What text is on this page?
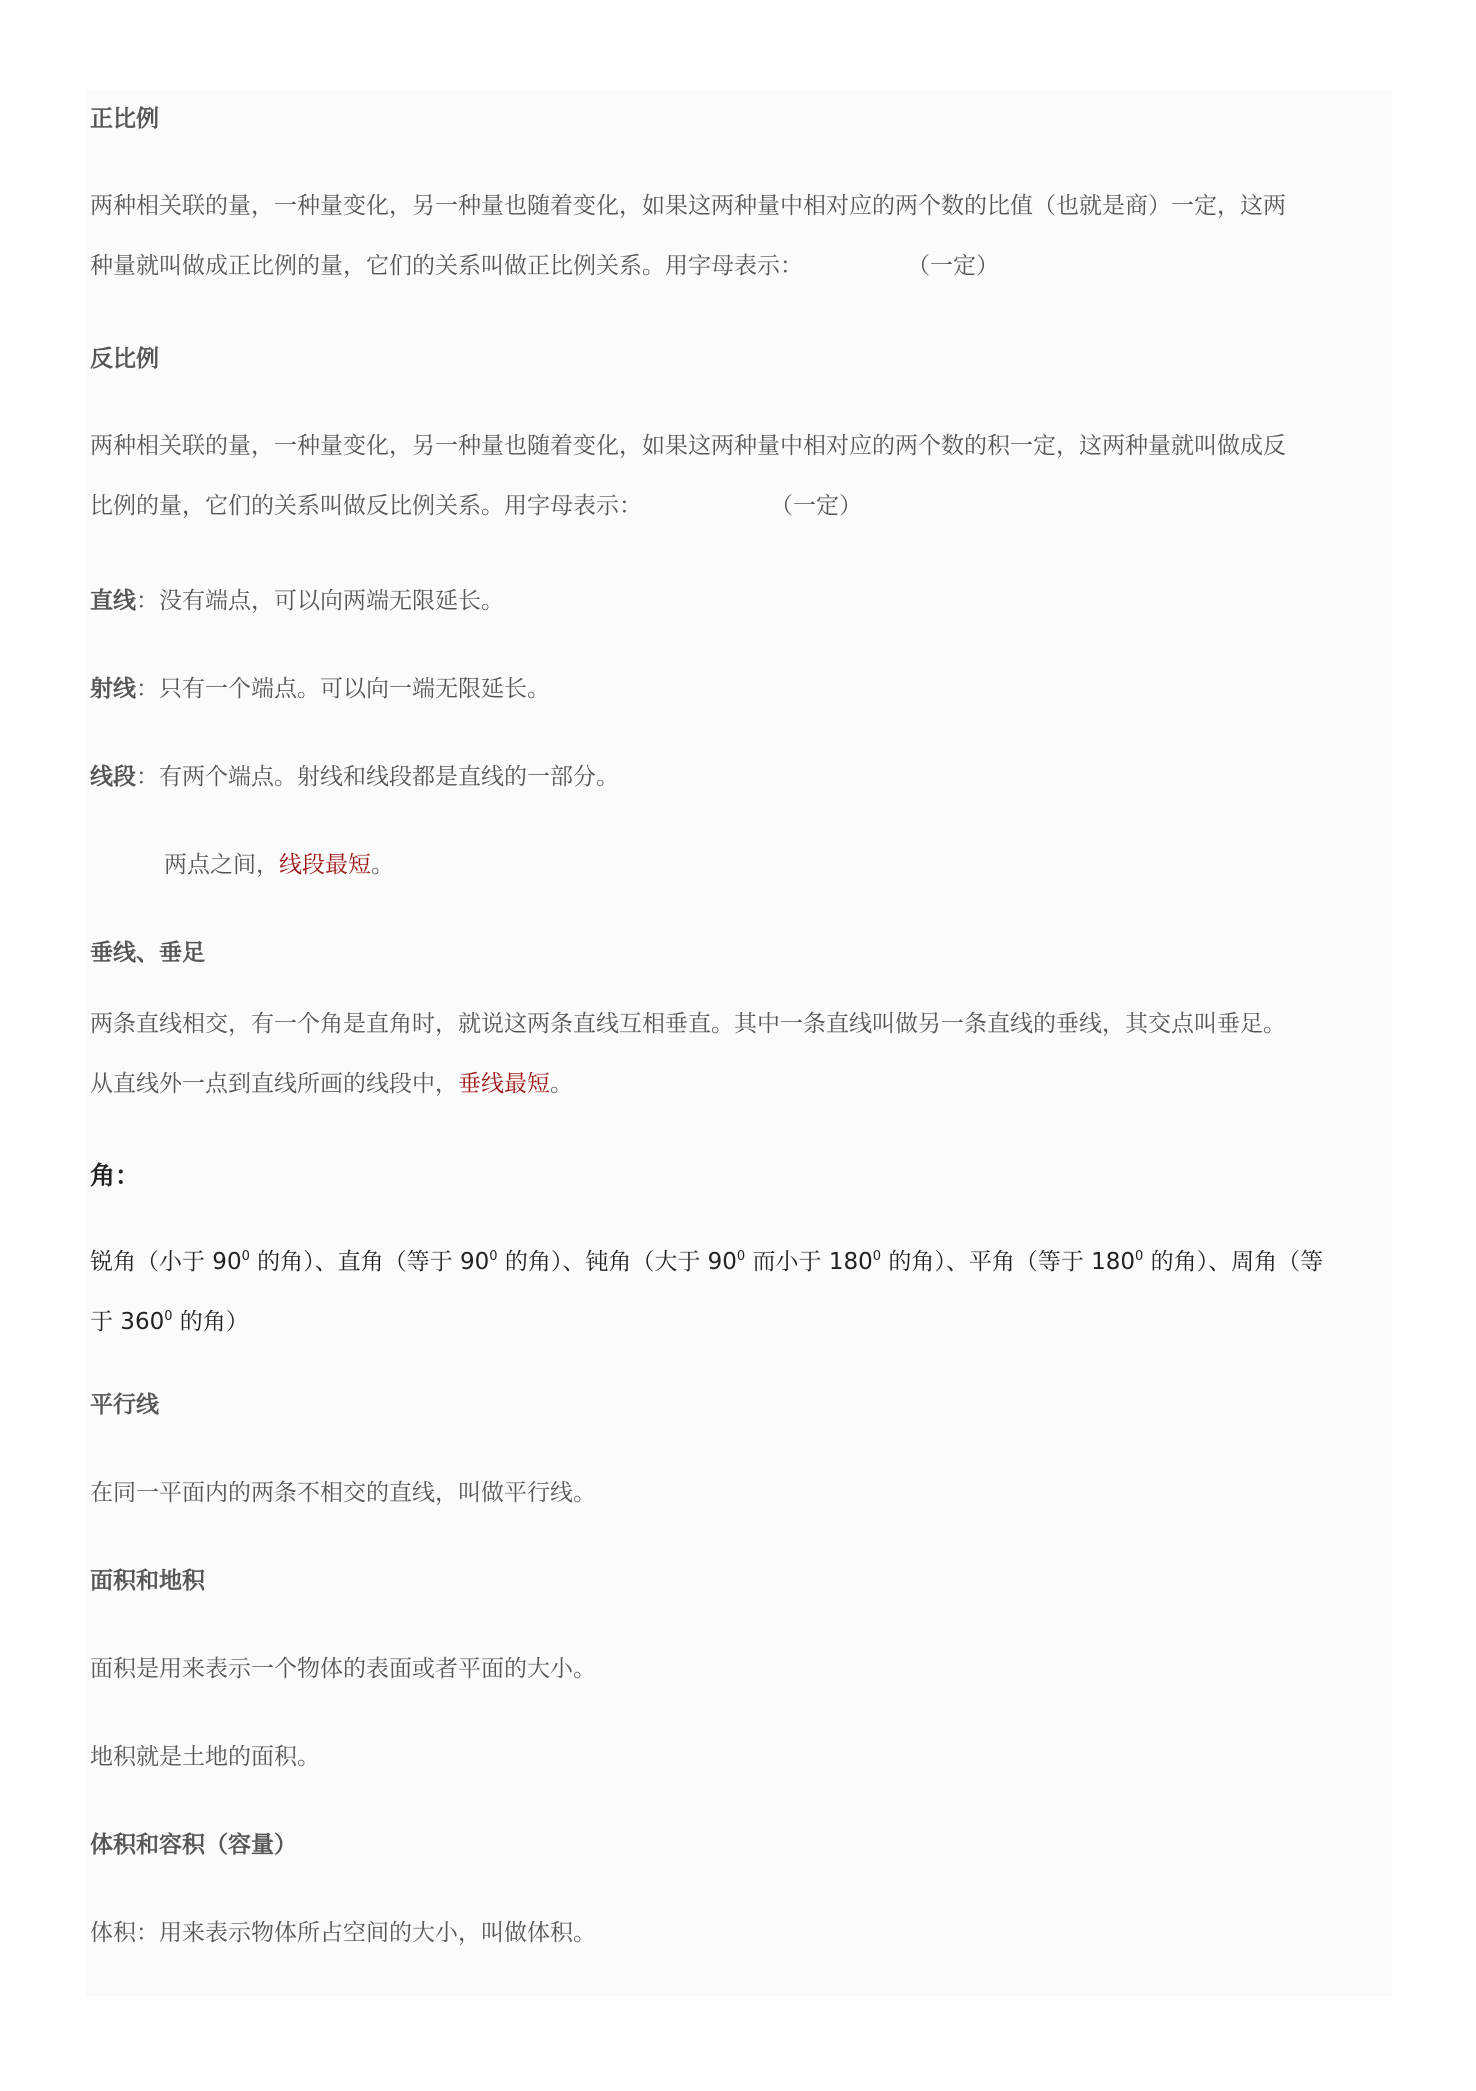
正比例
两种相关联的量，一种量变化，另一种量也随着变化，如果这两种量中相对应的两个数的比值（也就是商）一定，这两
种量就叫做成正比例的量，它们的关系叫做正比例关系。用字母表示：	（一定）
反比例
两种相关联的量，一种量变化，另一种量也随着变化，如果这两种量中相对应的两个数的积一定，这两种量就叫做成反
比例的量，它们的关系叫做反比例关系。用字母表示：	（一定）
直线：没有端点，可以向两端无限延长。
射线：只有一个端点。可以向一端无限延长。
线段：有两个端点。射线和线段都是直线的一部分。
两点之间，线段最短。
垂线、垂足
两条直线相交，有一个角是直角时，就说这两条直线互相垂直。其中一条直线叫做另一条直线的垂线，其交点叫垂足。
从直线外一点到直线所画的线段中，垂线最短。
角：
锐角（小于 $90^0$ 的角）、直角（等于 $90^0$ 的角）、钝角（大于 $90^0$ 而小于 $180^0$ 的角）、平角（等于 $180^0$ 的角）、周角（等
于 $360^0$ 的角）
平行线
在同一平面内的两条不相交的直线，叫做平行线。
面积和地积
面积是用来表示一个物体的表面或者平面的大小。
地积就是土地的面积。
体积和容积（容量）
体积：用来表示物体所占空间的大小，叫做体积。
